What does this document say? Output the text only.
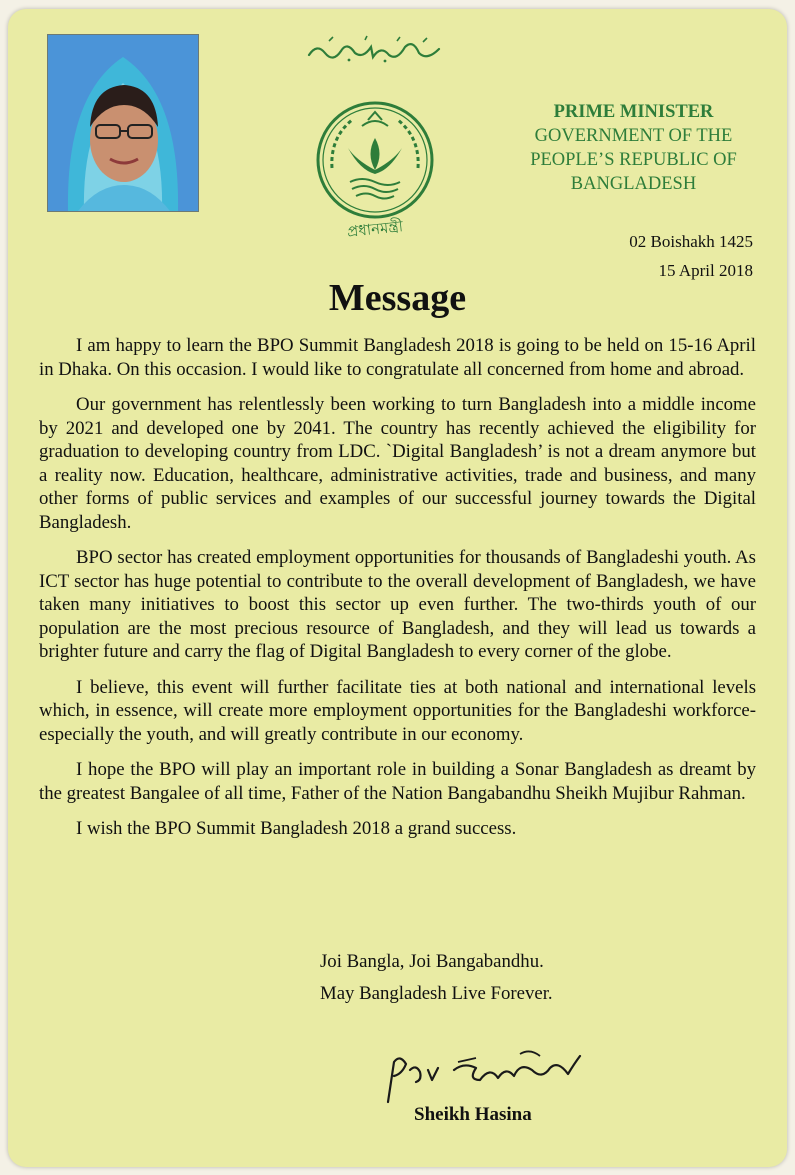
প্রধানমন্ত্রী
PRIME MINISTER
GOVERNMENT OF THE
PEOPLE’S REPUBLIC OF
BANGLADESH
02 Boishakh 1425
15 April 2018
Message

I am happy to learn the BPO Summit Bangladesh 2018 is going to be held on 15-16 April in Dhaka. On this occasion. I would like to congratulate all concerned from home and abroad.

Our government has relentlessly been working to turn Bangladesh into a middle income by 2021 and developed one by 2041. The country has recently achieved the eligibility for graduation to developing country from LDC. `Digital Bangladesh’ is not a dream anymore but a reality now. Education, healthcare, administrative activities, trade and business, and many other forms of public services and examples of our successful journey towards the Digital Bangladesh.

BPO sector has created employment opportunities for thousands of Bangladeshi youth. As ICT sector has huge potential to contribute to the overall development of Bangladesh, we have taken many initiatives to boost this sector up even further. The two-thirds youth of our population are the most precious resource of Bangladesh, and they will lead us towards a brighter future and carry the flag of Digital Bangladesh to every corner of the globe.

I believe, this event will further facilitate ties at both national and international levels which, in essence, will create more employment opportunities for the Bangladeshi workforce-especially the youth, and will greatly contribute in our economy.

I hope the BPO will play an important role in building a Sonar Bangladesh as dreamt by the greatest Bangalee of all time, Father of the Nation Bangabandhu Sheikh Mujibur Rahman.

I wish the BPO Summit Bangladesh 2018 a grand success.

Joi Bangla, Joi Bangabandhu.
May Bangladesh Live Forever.
Sheikh Hasina
